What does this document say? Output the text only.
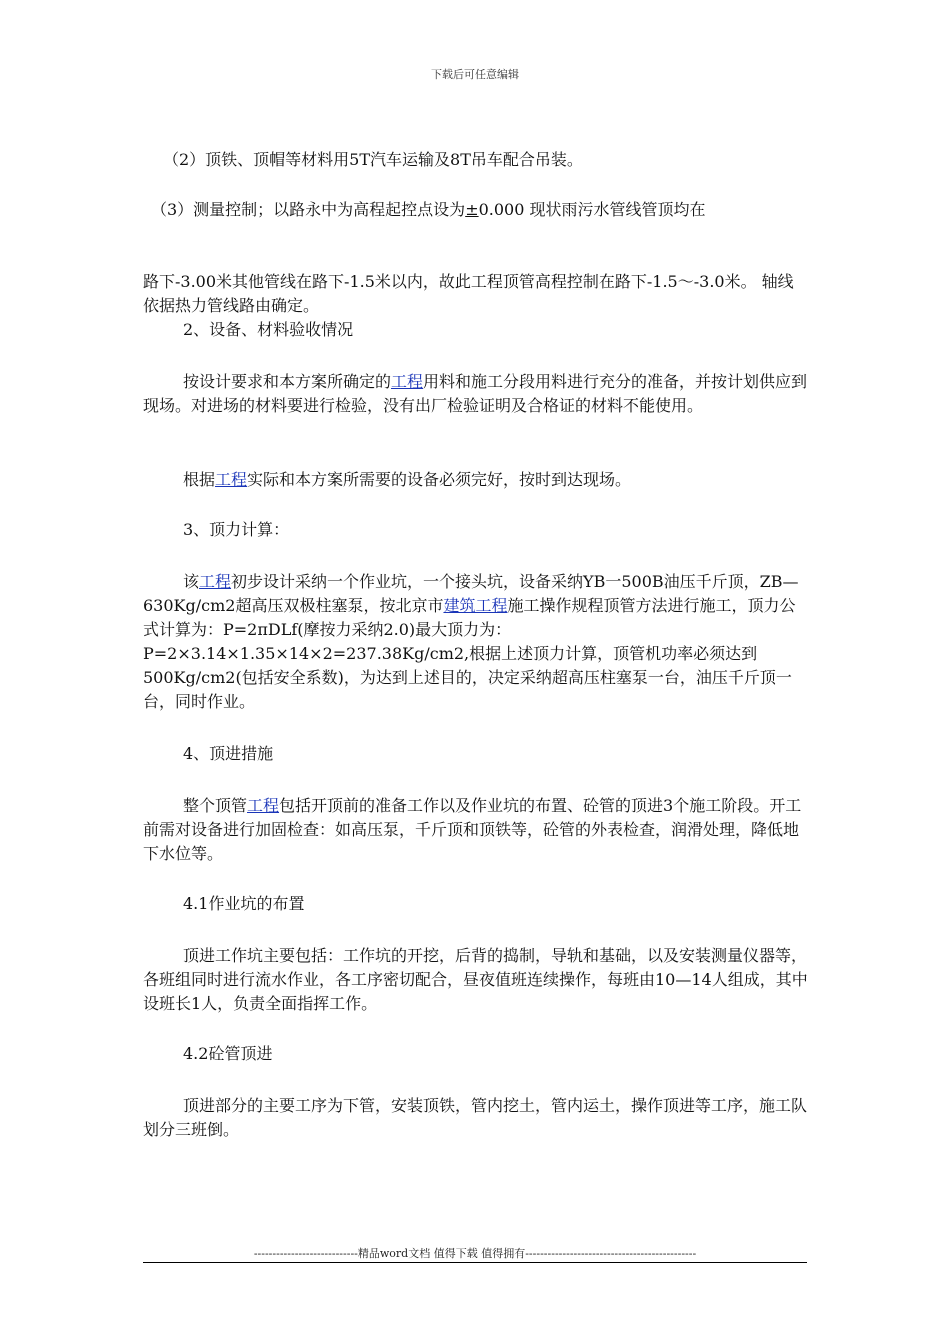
下载后可任意编辑

（2）顶铁、顶帽等材料用5T汽车运输及8T吊车配合吊装。

（3）测量控制；以路永中为高程起控点设为±0.000 现状雨污水管线管顶均在

路下-3.00米其他管线在路下-1.5米以内，故此工程顶管高程控制在路下-1.5～-3.0米。 轴线依据热力管线路由确定。

2、设备、材料验收情况

按设计要求和本方案所确定的工程用料和施工分段用料进行充分的准备，并按计划供应到现场。对进场的材料要进行检验，没有出厂检验证明及合格证的材料不能使用。

根据工程实际和本方案所需要的设备必须完好，按时到达现场。

3、顶力计算：

该工程初步设计采纳一个作业坑，一个接头坑，设备采纳YB一500B油压千斤顶，ZB—630Kg/cm2超高压双极柱塞泵，按北京市建筑工程施工操作规程顶管方法进行施工，顶力公式计算为：P=2πDLf(摩按力采纳2.0)最大顶力为：P=2×3.14×1.35×14×2=237.38Kg/cm2,根据上述顶力计算，顶管机功率必须达到500Kg/cm2(包括安全系数)，为达到上述目的，决定采纳超高压柱塞泵一台，油压千斤顶一台，同时作业。

4、顶进措施

整个顶管工程包括开顶前的准备工作以及作业坑的布置、砼管的顶进3个施工阶段。开工前需对设备进行加固检查：如高压泵，千斤顶和顶铁等，砼管的外表检查，润滑处理，降低地下水位等。

4.1作业坑的布置

顶进工作坑主要包括：工作坑的开挖，后背的捣制，导轨和基础，以及安装测量仪器等，各班组同时进行流水作业，各工序密切配合，昼夜值班连续操作，每班由10—14人组成，其中设班长1人，负责全面指挥工作。

4.2砼管顶进

顶进部分的主要工序为下管，安装顶铁，管内挖土，管内运土，操作顶进等工序，施工队划分三班倒。

----------------------------精品word文档 值得下载 值得拥有----------------------------------------------
